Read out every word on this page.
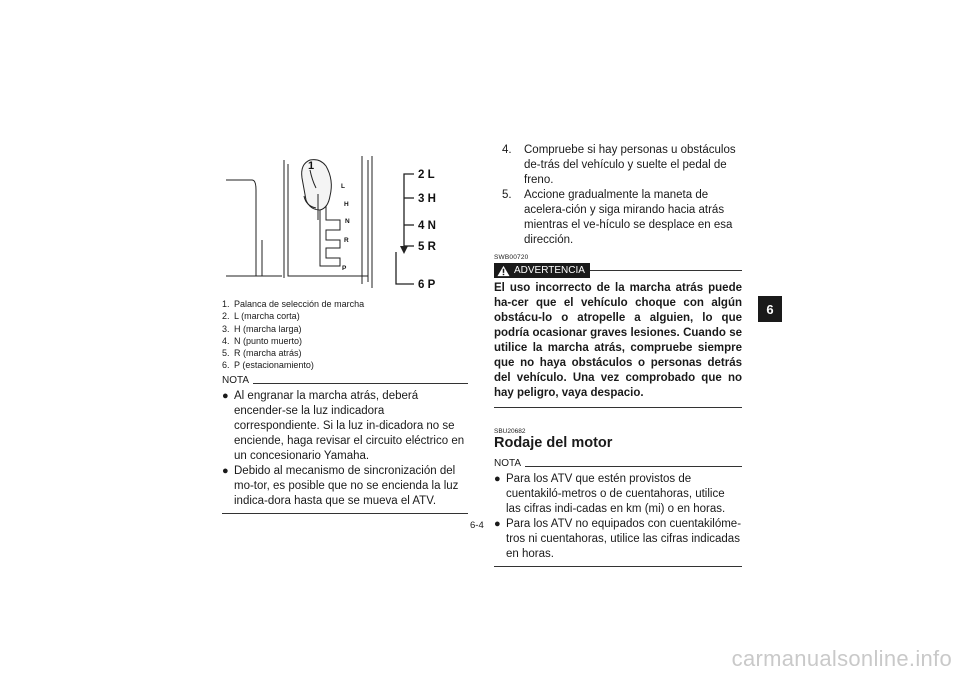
1
L
H
N
R
P
2 L
3 H
4 N
5 R
6 P
1. Palanca de selección de marcha
2. L (marcha corta)
3. H (marcha larga)
4. N (punto muerto)
5. R (marcha atrás)
6. P (estacionamiento)
NOTA
● Al engranar la marcha atrás, deberá encender-se la luz indicadora correspondiente. Si la luz in-dicadora no se enciende, haga revisar el circuito eléctrico en un concesionario Yamaha.
● Debido al mecanismo de sincronización del mo-tor, es posible que no se encienda la luz indica-dora hasta que se mueva el ATV.
4.	Compruebe si hay personas u obstáculos de-trás del vehículo y suelte el pedal de freno.
5.	Accione gradualmente la maneta de acelera-ción y siga mirando hacia atrás mientras el ve-hículo se desplace en esa dirección.
SWB00720
ADVERTENCIA
El uso incorrecto de la marcha atrás puede ha-cer que el vehículo choque con algún obstácu-lo o atropelle a alguien, lo que podría ocasionar graves lesiones. Cuando se utilice la marcha atrás, compruebe siempre que no haya obstáculos o personas detrás del vehículo. Una vez comprobado que no hay peligro, vaya despacio.
SBU20682
Rodaje del motor
NOTA
● Para los ATV que estén provistos de cuentakiló-metros o de cuentahoras, utilice las cifras indi-cadas en km (mi) o en horas.
● Para los ATV no equipados con cuentakilóme-tros ni cuentahoras, utilice las cifras indicadas en horas.
6
6-4
carmanualsonline.info
